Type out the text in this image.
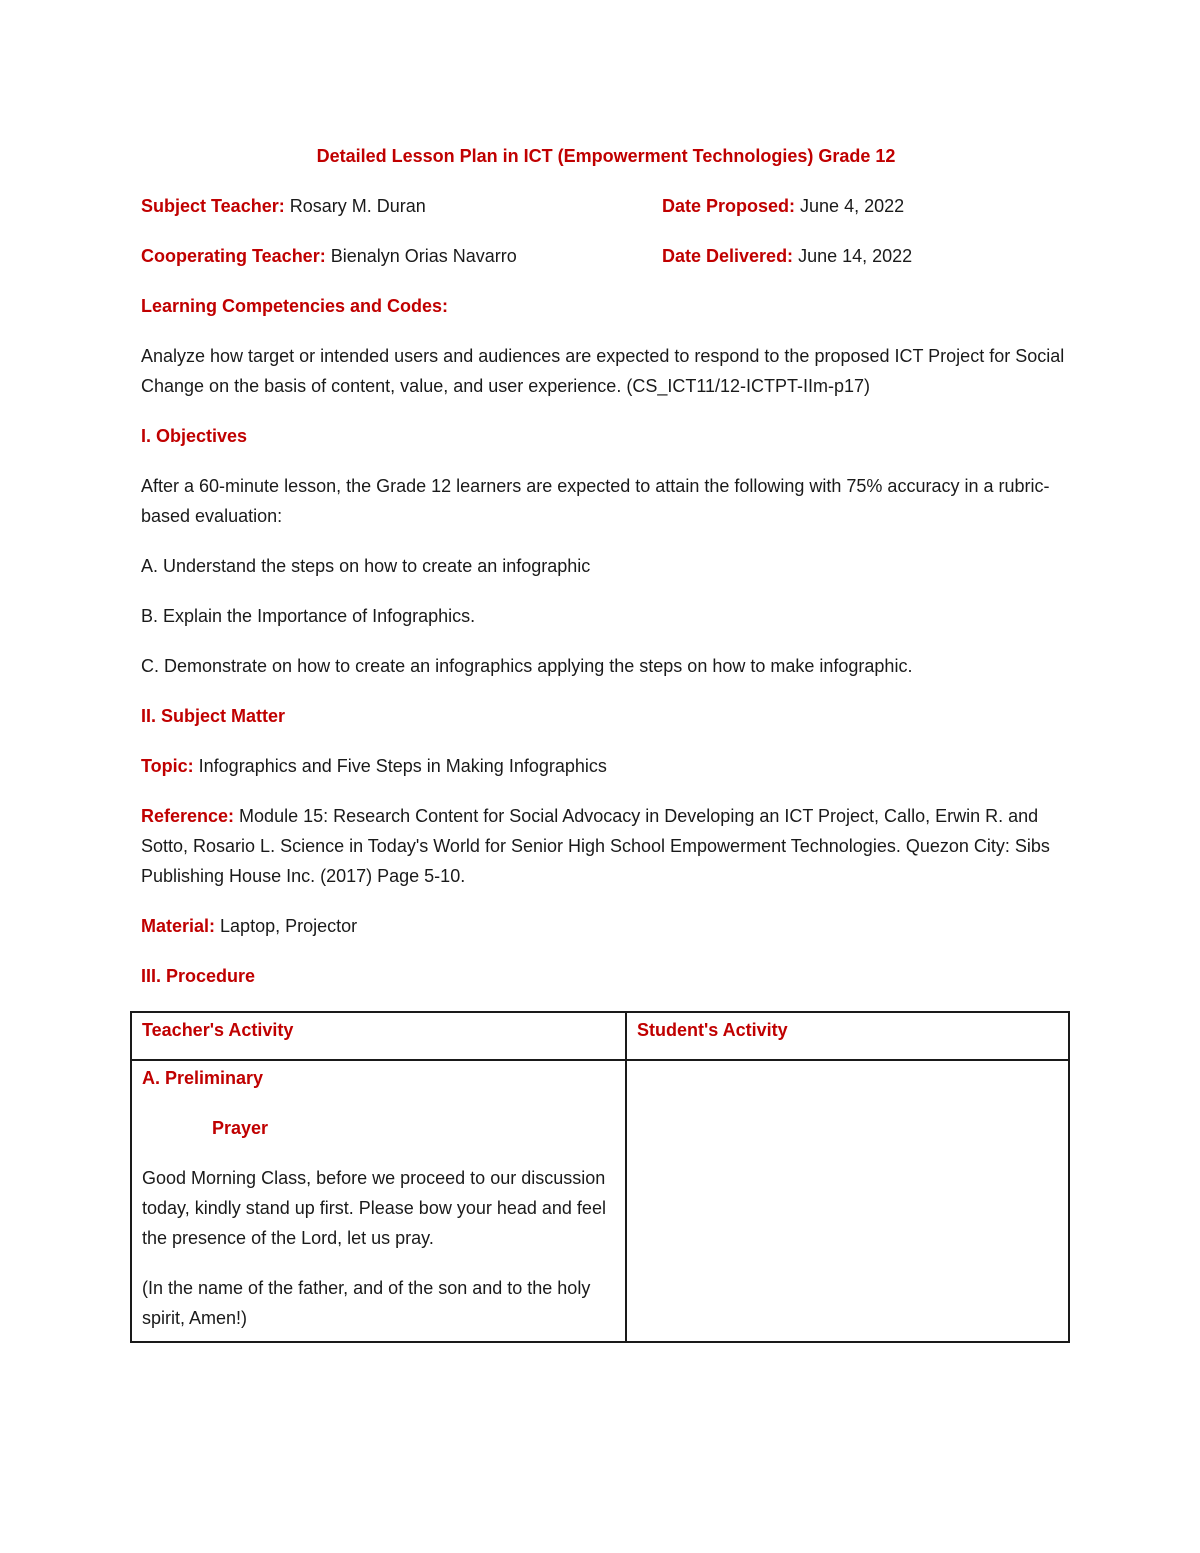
Detailed Lesson Plan in ICT (Empowerment Technologies) Grade 12

Subject Teacher: Rosary M. Duran	Date Proposed: June 4, 2022
Cooperating Teacher: Bienalyn Orias Navarro	Date Delivered: June 14, 2022

Learning Competencies and Codes:

Analyze how target or intended users and audiences are expected to respond to the proposed ICT Project for Social Change on the basis of content, value, and user experience. (CS_ICT11/12-ICTPT-IIm-p17)

I. Objectives

After a 60-minute lesson, the Grade 12 learners are expected to attain the following with 75% accuracy in a rubric-based evaluation:

A. Understand the steps on how to create an infographic

B. Explain the Importance of Infographics.

C. Demonstrate on how to create an infographics applying the steps on how to make infographic.

II. Subject Matter

Topic: Infographics and Five Steps in Making Infographics

Reference: Module 15: Research Content for Social Advocacy in Developing an ICT Project, Callo, Erwin R. and Sotto, Rosario L. Science in Today's World for Senior High School Empowerment Technologies. Quezon City: Sibs Publishing House Inc. (2017) Page 5-10.

Material: Laptop, Projector

III. Procedure

Teacher's Activity	Student's Activity

A. Preliminary

Prayer

Good Morning Class, before we proceed to our discussion today, kindly stand up first. Please bow your head and feel the presence of the Lord, let us pray.

(In the name of the father, and of the son and to the holy spirit, Amen!)	
